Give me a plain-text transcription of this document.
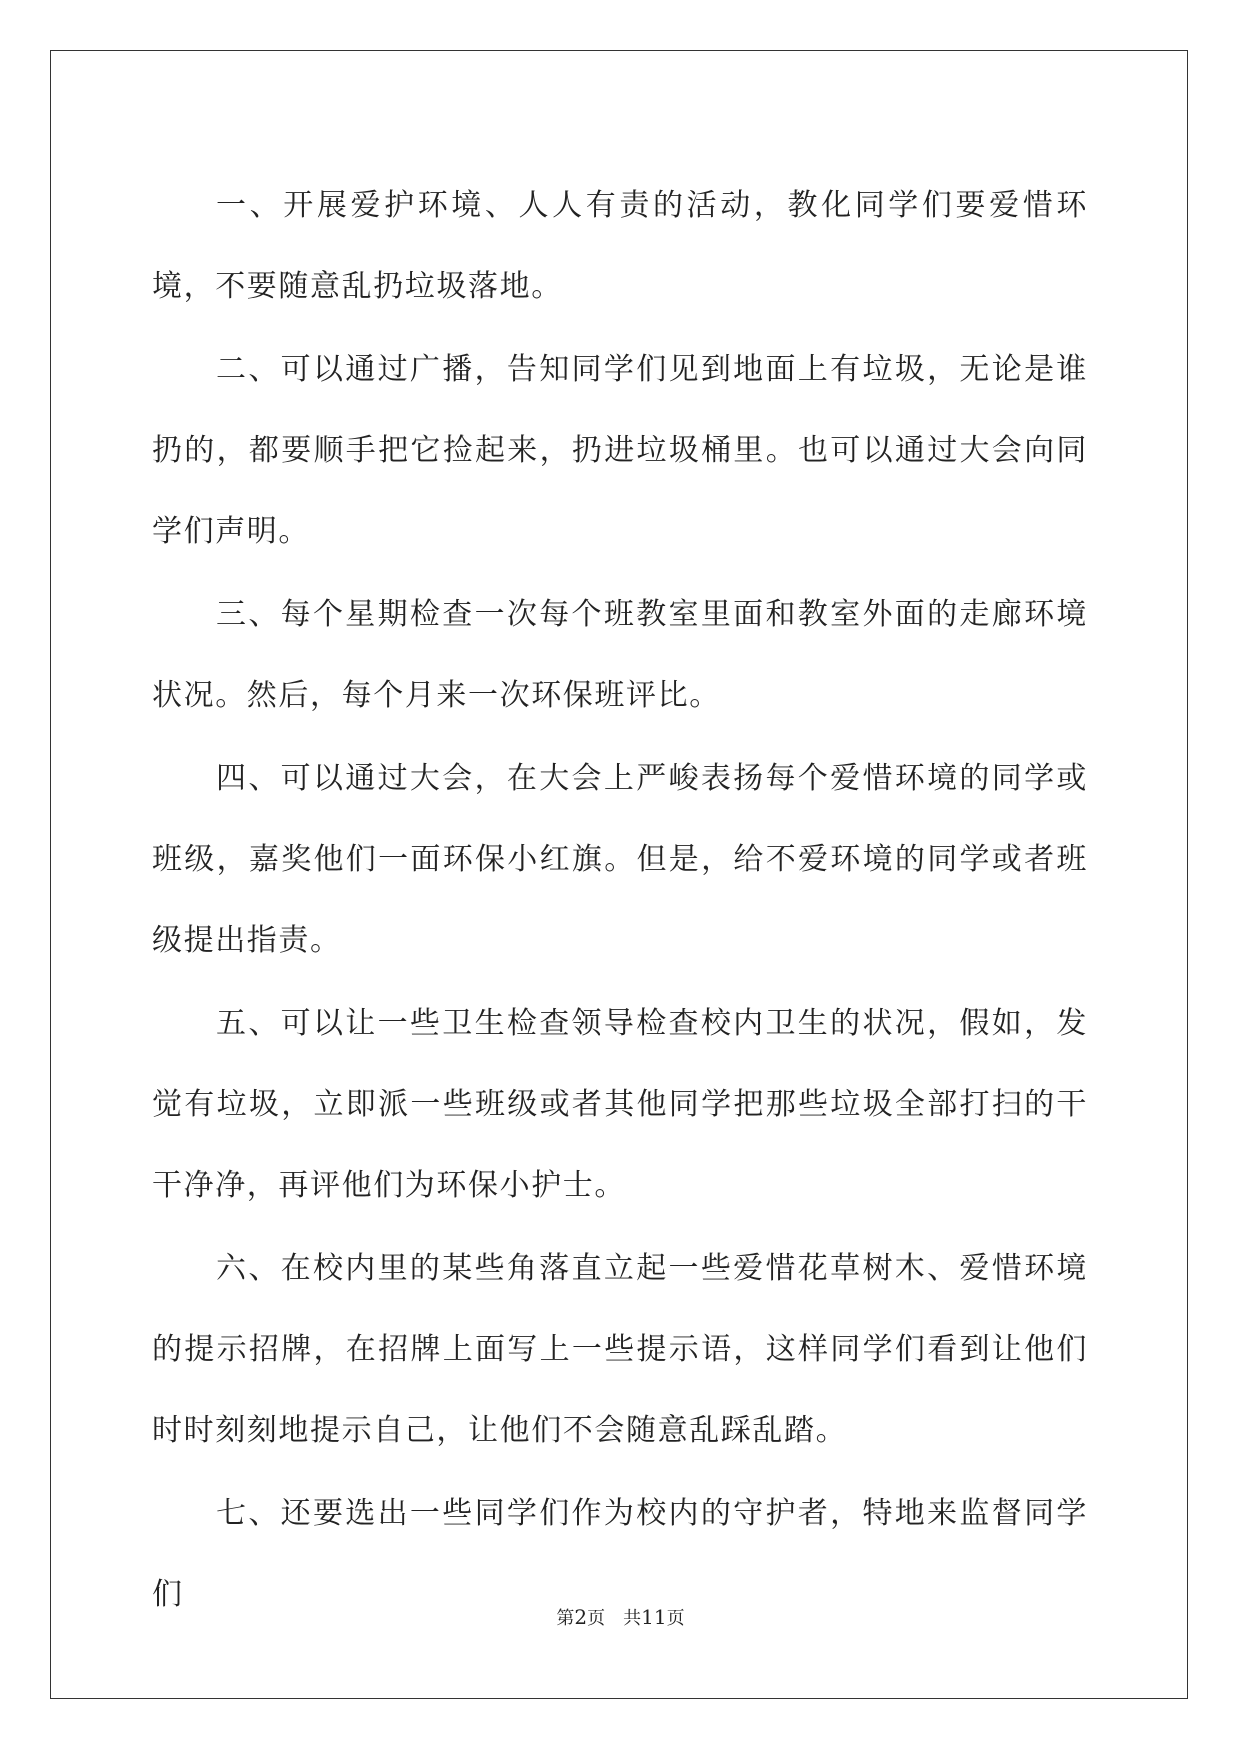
一、开展爱护环境、人人有责的活动，教化同学们要爱惜环境，不要随意乱扔垃圾落地。

二、可以通过广播，告知同学们见到地面上有垃圾，无论是谁扔的，都要顺手把它捡起来，扔进垃圾桶里。也可以通过大会向同学们声明。

三、每个星期检查一次每个班教室里面和教室外面的走廊环境状况。然后，每个月来一次环保班评比。

四、可以通过大会，在大会上严峻表扬每个爱惜环境的同学或班级，嘉奖他们一面环保小红旗。但是，给不爱环境的同学或者班级提出指责。

五、可以让一些卫生检查领导检查校内卫生的状况，假如，发觉有垃圾，立即派一些班级或者其他同学把那些垃圾全部打扫的干干净净，再评他们为环保小护士。

六、在校内里的某些角落直立起一些爱惜花草树木、爱惜环境的提示招牌，在招牌上面写上一些提示语，这样同学们看到让他们时时刻刻地提示自己，让他们不会随意乱踩乱踏。

七、还要选出一些同学们作为校内的守护者，特地来监督同学们

第2页 共11页
